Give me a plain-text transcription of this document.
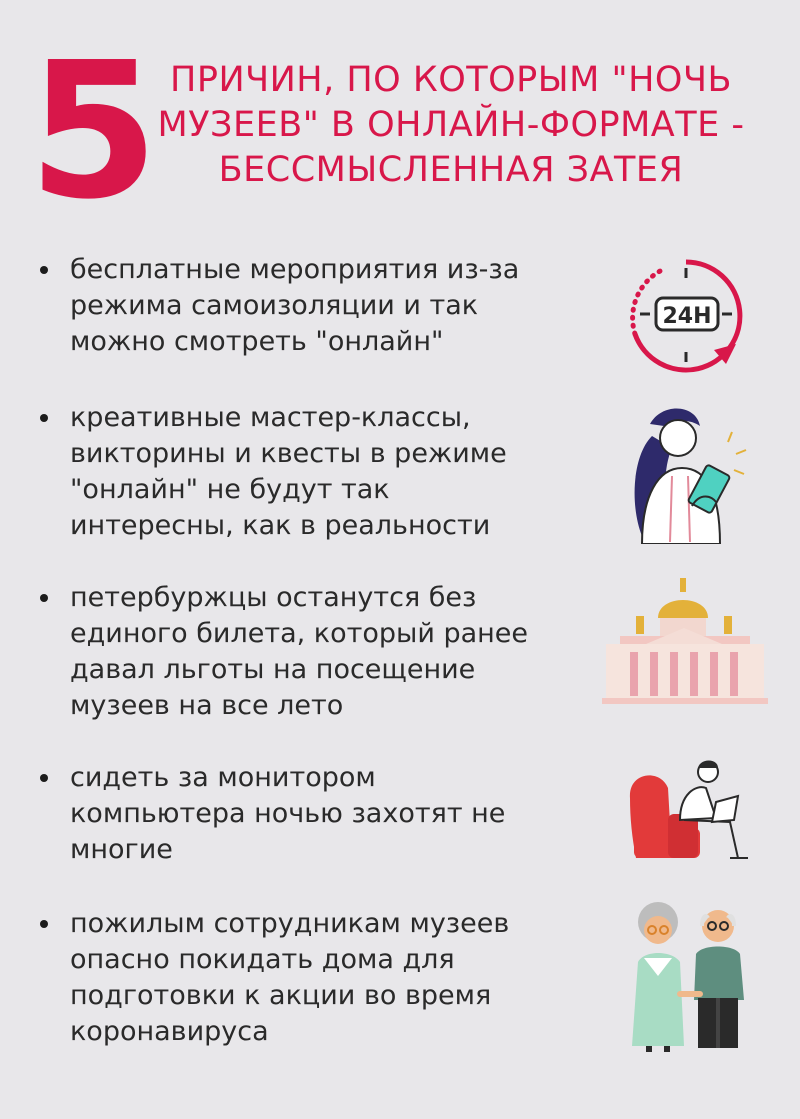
5 ПРИЧИН, ПО КОТОРЫМ "НОЧЬ
МУЗЕЕВ" В ОНЛАЙН-ФОРМАТЕ -
БЕССМЫСЛЕННАЯ ЗАТЕЯ
бесплатные мероприятия из-за
режима самоизоляции и так
можно смотреть "онлайн"
24H
креативные мастер-классы,
викторины и квесты в режиме
"онлайн" не будут так
интересны, как в реальности
петербуржцы останутся без
единого билета, который ранее
давал льготы на посещение
музеев на все лето
сидеть за монитором
компьютера ночью захотят не
многие
пожилым сотрудникам музеев
опасно покидать дома для
подготовки к акции во время
коронавируса
